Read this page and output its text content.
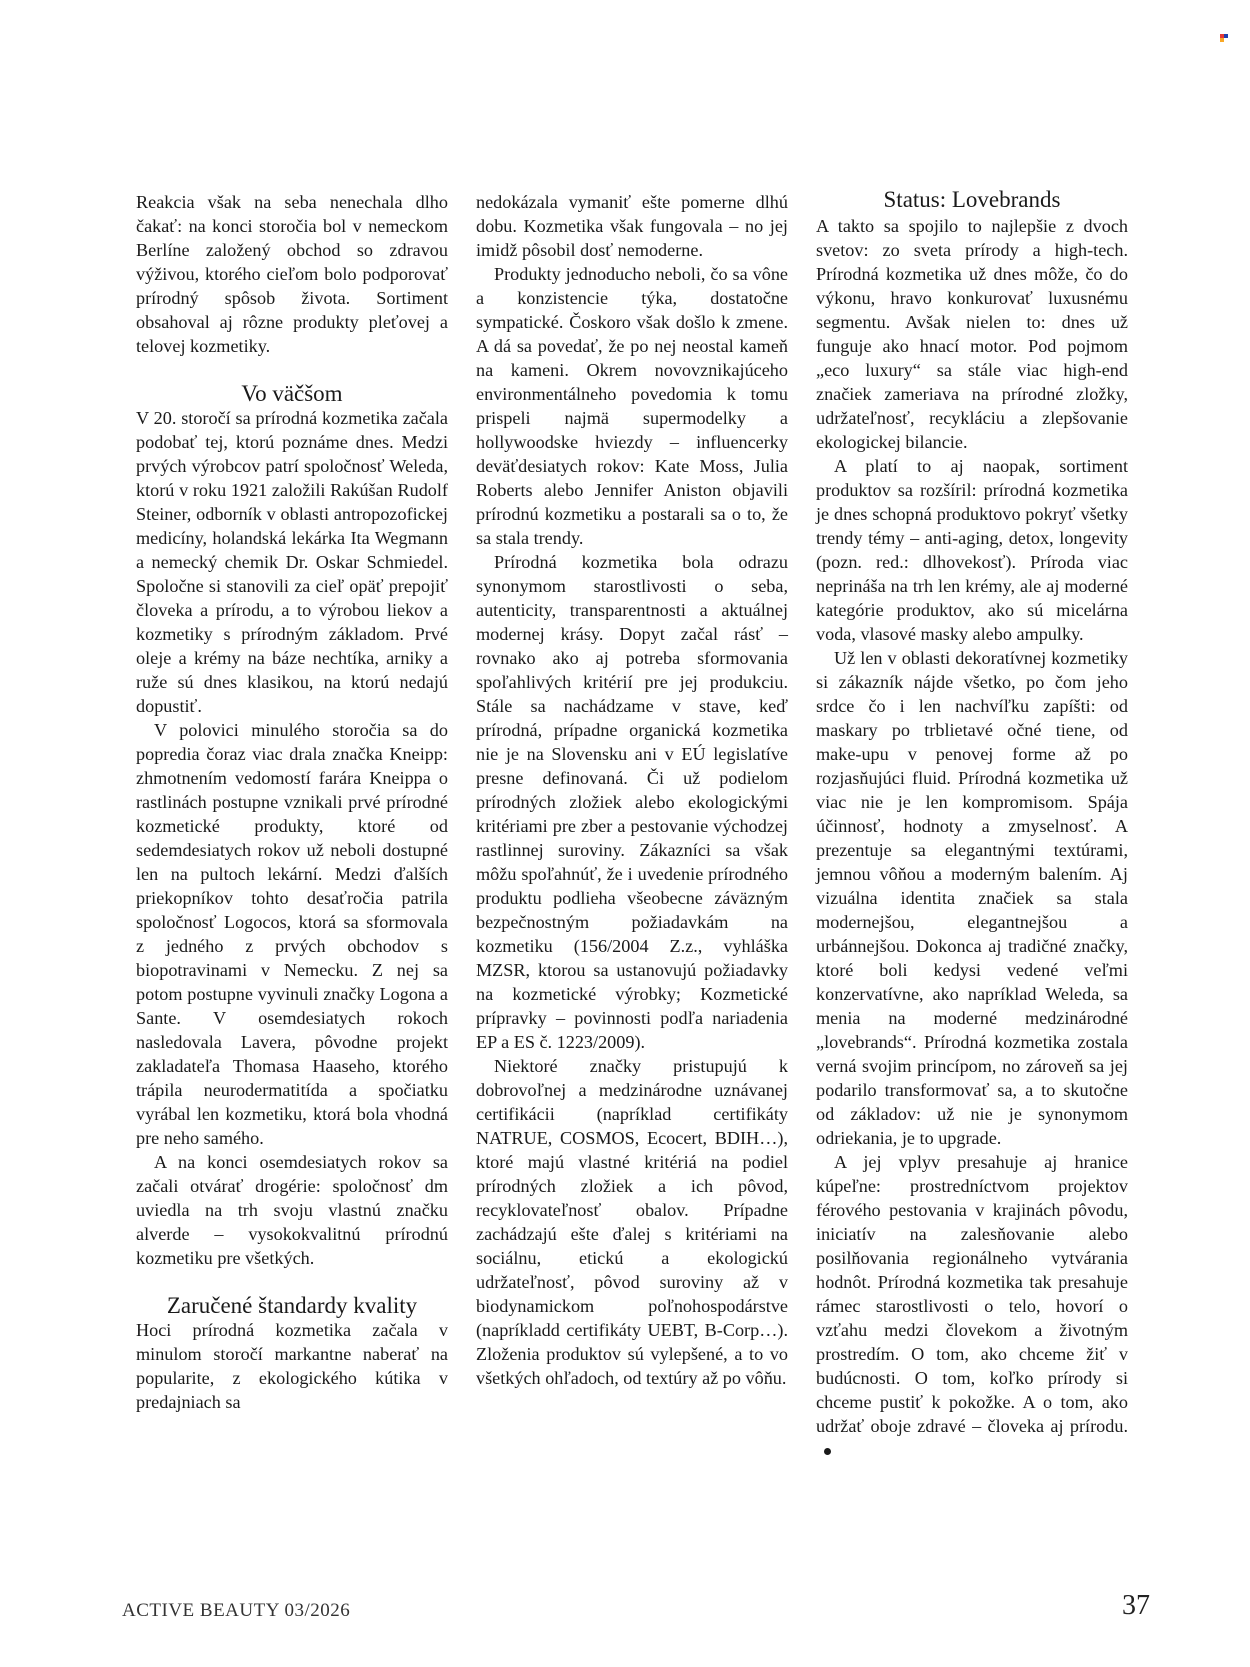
Reakcia však na seba nenechala dlho čakať: na konci storočia bol v nemeckom Berlíne založený obchod so zdravou výživou, ktorého cieľom bolo podporovať prírodný spôsob života. Sortiment obsahoval aj rôzne produkty pleťovej a telovej kozmetiky.

Vo väčšom

V 20. storočí sa prírodná kozmetika začala podobať tej, ktorú poznáme dnes. Medzi prvých výrobcov patrí spoločnosť Weleda, ktorú v roku 1921 založili Rakúšan Rudolf Steiner, odborník v oblasti antropozofickej medicíny, holandská lekárka Ita Wegmann a nemecký chemik Dr. Oskar Schmiedel. Spoločne si stanovili za cieľ opäť prepojiť človeka a prírodu, a to výrobou liekov a kozmetiky s prírodným základom. Prvé oleje a krémy na báze nechtíka, arniky a ruže sú dnes klasikou, na ktorú nedajú dopustiť.

V polovici minulého storočia sa do popredia čoraz viac drala značka Kneipp: zhmotnením vedomostí farára Kneippa o rastlinách postupne vznikali prvé prírodné kozmetické produkty, ktoré od sedemdesiatych rokov už neboli dostupné len na pultoch lekární. Medzi ďalších priekopníkov tohto desaťročia patrila spoločnosť Logocos, ktorá sa sformovala z jedného z prvých obchodov s biopotravinami v Nemecku. Z nej sa potom postupne vyvinuli značky Logona a Sante. V osemdesiatych rokoch nasledovala Lavera, pôvodne projekt zakladateľa Thomasa Haaseho, ktorého trápila neurodermatitída a spočiatku vyrábal len kozmetiku, ktorá bola vhodná pre neho samého.

A na konci osemdesiatych rokov sa začali otvárať drogérie: spoločnosť dm uviedla na trh svoju vlastnú značku alverde – vysokokvalitnú prírodnú kozmetiku pre všetkých.

Zaručené štandardy kvality

Hoci prírodná kozmetika začala v minulom storočí markantne naberať na popularite, z ekologického kútika v predajniach sa

nedokázala vymaniť ešte pomerne dlhú dobu. Kozmetika však fungovala – no jej imidž pôsobil dosť nemoderne.

Produkty jednoducho neboli, čo sa vône a konzistencie týka, dostatočne sympatické. Čoskoro však došlo k zmene. A dá sa povedať, že po nej neostal kameň na kameni. Okrem novovznikajúceho environmentálneho povedomia k tomu prispeli najmä supermodelky a hollywoodske hviezdy – influencerky deväťdesiatych rokov: Kate Moss, Julia Roberts alebo Jennifer Aniston objavili prírodnú kozmetiku a postarali sa o to, že sa stala trendy.

Prírodná kozmetika bola odrazu synonymom starostlivosti o seba, autenticity, transparentnosti a aktuálnej modernej krásy. Dopyt začal rásť – rovnako ako aj potreba sformovania spoľahlivých kritérií pre jej produkciu. Stále sa nachádzame v stave, keď prírodná, prípadne organická kozmetika nie je na Slovensku ani v EÚ legislatíve presne definovaná. Či už podielom prírodných zložiek alebo ekologickými kritériami pre zber a pestovanie východzej rastlinnej suroviny. Zákazníci sa však môžu spoľahnúť, že i uvedenie prírodného produktu podlieha všeobecne záväzným bezpečnostným požiadavkám na kozmetiku (156/2004 Z.z., vyhláška MZSR, ktorou sa ustanovujú požiadavky na kozmetické výrobky; Kozmetické prípravky – povinnosti podľa nariadenia EP a ES č. 1223/2009).

Niektoré značky pristupujú k dobrovoľnej a medzinárodne uznávanej certifikácii (napríklad certifikáty NATRUE, COSMOS, Ecocert, BDIH…), ktoré majú vlastné kritériá na podiel prírodných zložiek a ich pôvod, recyklovateľnosť obalov. Prípadne zachádzajú ešte ďalej s kritériami na sociálnu, etickú a ekologickú udržateľnosť, pôvod suroviny až v biodynamickom poľnohospodárstve (napríkladd certifikáty UEBT, B-Corp…). Zloženia produktov sú vylepšené, a to vo všetkých ohľadoch, od textúry až po vôňu.

Status: Lovebrands

A takto sa spojilo to najlepšie z dvoch svetov: zo sveta prírody a high-tech. Prírodná kozmetika už dnes môže, čo do výkonu, hravo konkurovať luxusnému segmentu. Avšak nielen to: dnes už funguje ako hnací motor. Pod pojmom „eco luxury“ sa stále viac high-end značiek zameriava na prírodné zložky, udržateľnosť, recykláciu a zlepšovanie ekologickej bilancie.

A platí to aj naopak, sortiment produktov sa rozšíril: prírodná kozmetika je dnes schopná produktovo pokryť všetky trendy témy – anti-aging, detox, longevity (pozn. red.: dlhovekosť). Príroda viac neprináša na trh len krémy, ale aj moderné kategórie produktov, ako sú micelárna voda, vlasové masky alebo ampulky.

Už len v oblasti dekoratívnej kozmetiky si zákazník nájde všetko, po čom jeho srdce čo i len nachvíľku zapíšti: od maskary po trblietavé očné tiene, od make-upu v penovej forme až po rozjasňujúci fluid. Prírodná kozmetika už viac nie je len kompromisom. Spája účinnosť, hodnoty a zmyselnosť. A prezentuje sa elegantnými textúrami, jemnou vôňou a moderným balením. Aj vizuálna identita značiek sa stala modernejšou, elegantnejšou a urbánnejšou. Dokonca aj tradičné značky, ktoré boli kedysi vedené veľmi konzervatívne, ako napríklad Weleda, sa menia na moderné medzinárodné „lovebrands“. Prírodná kozmetika zostala verná svojim princípom, no zároveň sa jej podarilo transformovať sa, a to skutočne od základov: už nie je synonymom odriekania, je to upgrade.

A jej vplyv presahuje aj hranice kúpeľne: prostredníctvom projektov férového pestovania v krajinách pôvodu, iniciatív na zalesňovanie alebo posilňovania regionálneho vytvárania hodnôt. Prírodná kozmetika tak presahuje rámec starostlivosti o telo, hovorí o vzťahu medzi človekom a životným prostredím. O tom, ako chceme žiť v budúcnosti. O tom, koľko prírody si chceme pustiť k pokožke. A o tom, ako udržať oboje zdravé – človeka aj prírodu.

ACTIVE BEAUTY 03/2026	37
